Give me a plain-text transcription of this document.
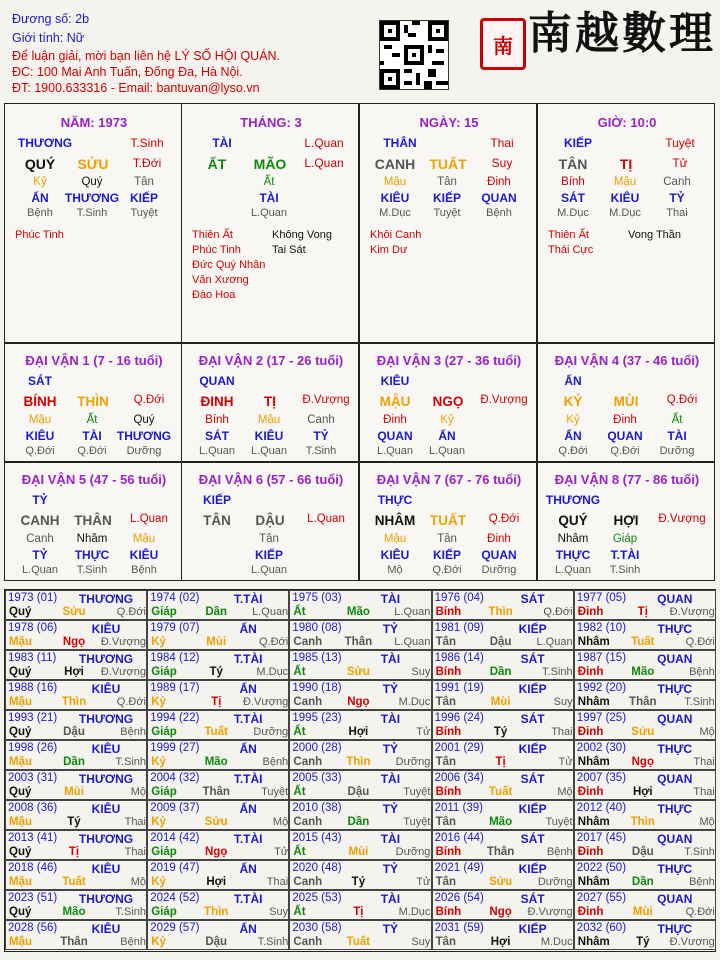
Đương số: 2b
Giới tính: Nữ
Để luận giải, mời bạn liên hệ LÝ SỐ HỘI QUÁN.
ĐC: 100 Mai Anh Tuấn, Đống Đa, Hà Nội.
ĐT: 1900.633316 - Email: bantuvan@lyso.vn
南 南越數理
NĂM: 1973
THƯƠNG	T.Sinh
QUÝ	SỬU	T.Đới
Kỷ
ẤN
Bệnh
Quý
THƯƠNG
T.Sinh
Tân
KIẾP
Tuyệt
Phúc Tinh
THÁNG: 3
TÀI	L.Quan
ẤT	MÃO	L.Quan
Ất
TÀI
L.Quan
Thiên Ất	Không Vong
Phúc Tinh	Tai Sát
Đức Quý Nhân
Văn Xương
Đào Hoa
NGÀY: 15
THÂN	Thai
CANH	TUẤT	Suy
Mậu
KIÊU
M.Dục
Tân
KIẾP
Tuyệt
Đinh
QUAN
Bệnh
Khôi Canh
Kim Dư
GIỜ: 10:0
KIẾP	Tuyệt
TÂN	TỊ	Tử
Bính
SÁT
M.Dục
Mậu
KIÊU
M.Dục
Canh
TỶ
Thai
Thiên Ất	Vong Thần
Thái Cực
ĐẠI VẬN 1 (7 - 16 tuổi)
SÁT
BÍNH	THÌN	Q.Đới
Mậu
KIÊU
Q.Đới
Ất
TÀI
Q.Đới
Quý
THƯƠNG
Dưỡng
ĐẠI VẬN 2 (17 - 26 tuổi)
QUAN
ĐINH	TỊ	Đ.Vượng
Bính
SÁT
L.Quan
Mậu
KIÊU
L.Quan
Canh
TỶ
T.Sinh
ĐẠI VẬN 3 (27 - 36 tuổi)
KIÊU
MẬU	NGỌ	Đ.Vượng
Đinh
QUAN
L.Quan
Kỷ
ẤN
L.Quan
ĐẠI VẬN 4 (37 - 46 tuổi)
ẤN
KỶ	MÙI	Q.Đới
Kỷ
ẤN
Q.Đới
Đinh
QUAN
Q.Đới
Ất
TÀI
Dưỡng
ĐẠI VẬN 5 (47 - 56 tuổi)
TỶ
CANH	THÂN	L.Quan
Canh
TỶ
L.Quan
Nhâm
THỰC
T.Sinh
Mậu
KIÊU
Bệnh
ĐẠI VẬN 6 (57 - 66 tuổi)
KIẾP
TÂN	DẬU	L.Quan
Tân
KIẾP
L.Quan
ĐẠI VẬN 7 (67 - 76 tuổi)
THỰC
NHÂM	TUẤT	Q.Đới
Mậu
KIÊU
Mộ
Tân
KIẾP
Q.Đới
Đinh
QUAN
Dưỡng
ĐẠI VẬN 8 (77 - 86 tuổi)
THƯƠNG
QUÝ	HỢI	Đ.Vượng
Nhâm
THỰC
L.Quan
Giáp
T.TÀI
T.Sinh
1973 (01)	THƯƠNG
Quý	Sửu	Q.Đới
1974 (02)	T.TÀI
Giáp	Dần	L.Quan
1975 (03)	TÀI
Ất	Mão	L.Quan
1976 (04)	SÁT
Bính	Thìn	Q.Đới
1977 (05)	QUAN
Đinh	Tị	Đ.Vượng
1978 (06)	KIÊU
Mậu	Ngọ	Đ.Vượng
1979 (07)	ẤN
Kỷ	Mùi	Q.Đới
1980 (08)	TỶ
Canh	Thân	L.Quan
1981 (09)	KIẾP
Tân	Dậu	L.Quan
1982 (10)	THỰC
Nhâm	Tuất	Q.Đới
1983 (11)	THƯƠNG
Quý	Hợi	Đ.Vượng
1984 (12)	T.TÀI
Giáp	Tý	M.Dục
1985 (13)	TÀI
Ất	Sửu	Suy
1986 (14)	SÁT
Bính	Dần	T.Sinh
1987 (15)	QUAN
Đinh	Mão	Bệnh
1988 (16)	KIÊU
Mậu	Thìn	Q.Đới
1989 (17)	ẤN
Kỷ	Tị	Đ.Vượng
1990 (18)	TỶ
Canh	Ngọ	M.Dục
1991 (19)	KIẾP
Tân	Mùi	Suy
1992 (20)	THỰC
Nhâm	Thân	T.Sinh
1993 (21)	THƯƠNG
Quý	Dậu	Bệnh
1994 (22)	T.TÀI
Giáp	Tuất	Dưỡng
1995 (23)	TÀI
Ất	Hợi	Tử
1996 (24)	SÁT
Bính	Tý	Thai
1997 (25)	QUAN
Đinh	Sửu	Mộ
1998 (26)	KIÊU
Mậu	Dần	T.Sinh
1999 (27)	ẤN
Kỷ	Mão	Bệnh
2000 (28)	TỶ
Canh	Thìn	Dưỡng
2001 (29)	KIẾP
Tân	Tị	Tử
2002 (30)	THỰC
Nhâm	Ngọ	Thai
2003 (31)	THƯƠNG
Quý	Mùi	Mộ
2004 (32)	T.TÀI
Giáp	Thân	Tuyệt
2005 (33)	TÀI
Ất	Dậu	Tuyệt
2006 (34)	SÁT
Bính	Tuất	Mộ
2007 (35)	QUAN
Đinh	Hợi	Thai
2008 (36)	KIÊU
Mậu	Tý	Thai
2009 (37)	ẤN
Kỷ	Sửu	Mộ
2010 (38)	TỶ
Canh	Dần	Tuyệt
2011 (39)	KIẾP
Tân	Mão	Tuyệt
2012 (40)	THỰC
Nhâm	Thìn	Mộ
2013 (41)	THƯƠNG
Quý	Tị	Thai
2014 (42)	T.TÀI
Giáp	Ngọ	Tử
2015 (43)	TÀI
Ất	Mùi	Dưỡng
2016 (44)	SÁT
Bính	Thân	Bệnh
2017 (45)	QUAN
Đinh	Dậu	T.Sinh
2018 (46)	KIÊU
Mậu	Tuất	Mộ
2019 (47)	ẤN
Kỷ	Hợi	Thai
2020 (48)	TỶ
Canh	Tý	Tử
2021 (49)	KIẾP
Tân	Sửu	Dưỡng
2022 (50)	THỰC
Nhâm	Dần	Bệnh
2023 (51)	THƯƠNG
Quý	Mão	T.Sinh
2024 (52)	T.TÀI
Giáp	Thìn	Suy
2025 (53)	TÀI
Ất	Tị	M.Dục
2026 (54)	SÁT
Bính	Ngọ	Đ.Vượng
2027 (55)	QUAN
Đinh	Mùi	Q.Đới
2028 (56)	KIÊU
Mậu	Thân	Bệnh
2029 (57)	ẤN
Kỷ	Dậu	T.Sinh
2030 (58)	TỶ
Canh	Tuất	Suy
2031 (59)	KIẾP
Tân	Hợi	M.Dục
2032 (60)	THỰC
Nhâm	Tý	Đ.Vượng
